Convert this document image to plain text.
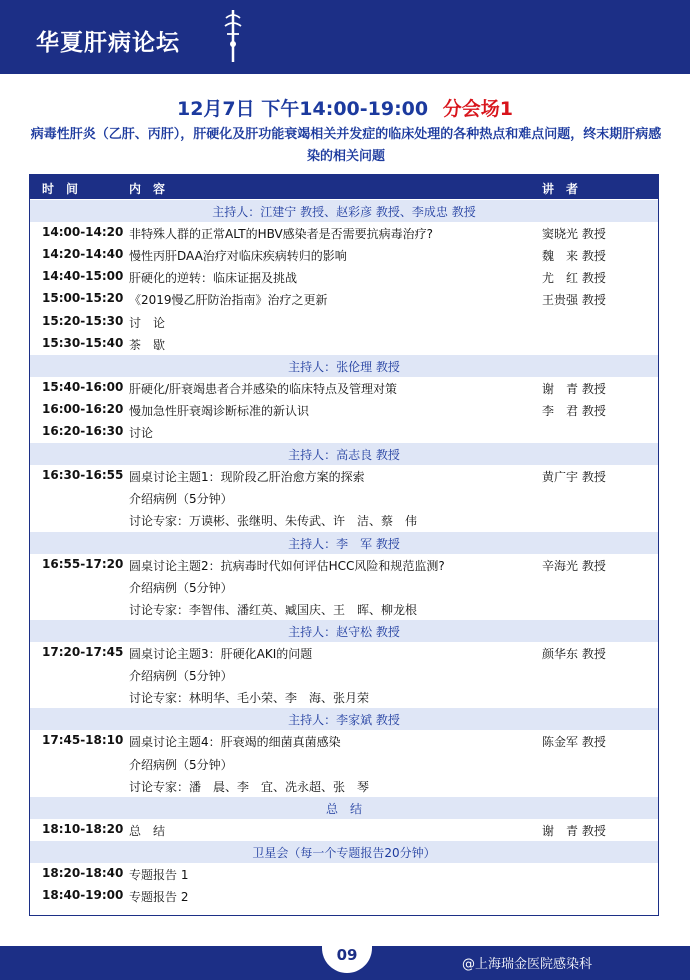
华夏肝病论坛
12月7日 下午14:00-19:00 分会场1
病毒性肝炎（乙肝、丙肝），肝硬化及肝功能衰竭相关并发症的临床处理的各种热点和难点问题，终末期肝病感染的相关问题
时　间	内　容	讲　者
主持人：江建宁 教授、赵彩彦 教授、李成忠 教授
14:00-14:20 非特殊人群的正常ALT的HBV感染者是否需要抗病毒治疗?	窦晓光 教授
14:20-14:40 慢性丙肝DAA治疗对临床疾病转归的影响	魏　来 教授
14:40-15:00 肝硬化的逆转：临床证据及挑战	尤　红 教授
15:00-15:20 《2019慢乙肝防治指南》治疗之更新	王贵强 教授
15:20-15:30 讨　论
15:30-15:40 茶　歇
主持人：张伦理 教授
15:40-16:00 肝硬化/肝衰竭患者合并感染的临床特点及管理对策	谢　青 教授
16:00-16:20 慢加急性肝衰竭诊断标准的新认识	李　君 教授
16:20-16:30 讨论
主持人：高志良 教授
16:30-16:55 圆桌讨论主题1：现阶段乙肝治愈方案的探索	黄广宇 教授
介绍病例（5分钟）
讨论专家：万谟彬、张继明、朱传武、许　洁、蔡　伟
主持人：李　军 教授
16:55-17:20 圆桌讨论主题2：抗病毒时代如何评估HCC风险和规范监测?	辛海光 教授
介绍病例（5分钟）
讨论专家：李智伟、潘红英、臧国庆、王　晖、柳龙根
主持人：赵守松 教授
17:20-17:45 圆桌讨论主题3：肝硬化AKI的问题	颜华东 教授
介绍病例（5分钟）
讨论专家：林明华、毛小荣、李　海、张月荣
主持人：李家斌 教授
17:45-18:10 圆桌讨论主题4：肝衰竭的细菌真菌感染	陈金军 教授
介绍病例（5分钟）
讨论专家：潘　晨、李　宜、冼永超、张　琴
总　结
18:10-18:20 总　结	谢　青 教授
卫星会（每一个专题报告20分钟）
18:20-18:40 专题报告 1
18:40-19:00 专题报告 2
09
@上海瑞金医院感染科
